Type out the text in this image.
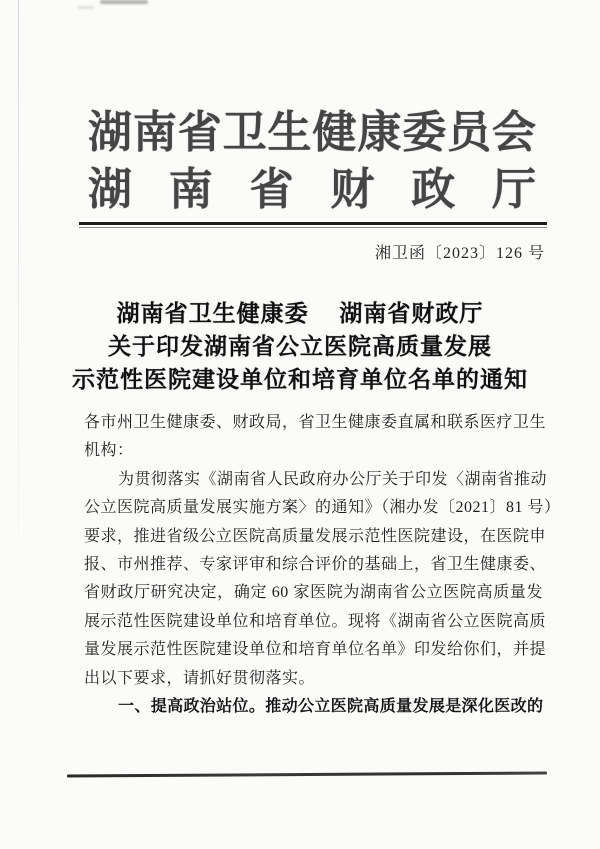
湖南省卫生健康委员会
湖南省财政厅
湘卫函〔2023〕126 号
湖南省卫生健康委　 湖南省财政厅
关于印发湖南省公立医院高质量发展
示范性医院建设单位和培育单位名单的通知
各市州卫生健康委、财政局，省卫生健康委直属和联系医疗卫生
机构：
为贯彻落实《湖南省人民政府办公厅关于印发〈湖南省推动
公立医院高质量发展实施方案〉的通知》（湘办发〔2021〕81 号）
要求，推进省级公立医院高质量发展示范性医院建设，在医院申
报、市州推荐、专家评审和综合评价的基础上，省卫生健康委、
省财政厅研究决定，确定 60 家医院为湖南省公立医院高质量发
展示范性医院建设单位和培育单位。现将《湖南省公立医院高质
量发展示范性医院建设单位和培育单位名单》印发给你们，并提
出以下要求，请抓好贯彻落实。
一、提高政治站位。推动公立医院高质量发展是深化医改的
